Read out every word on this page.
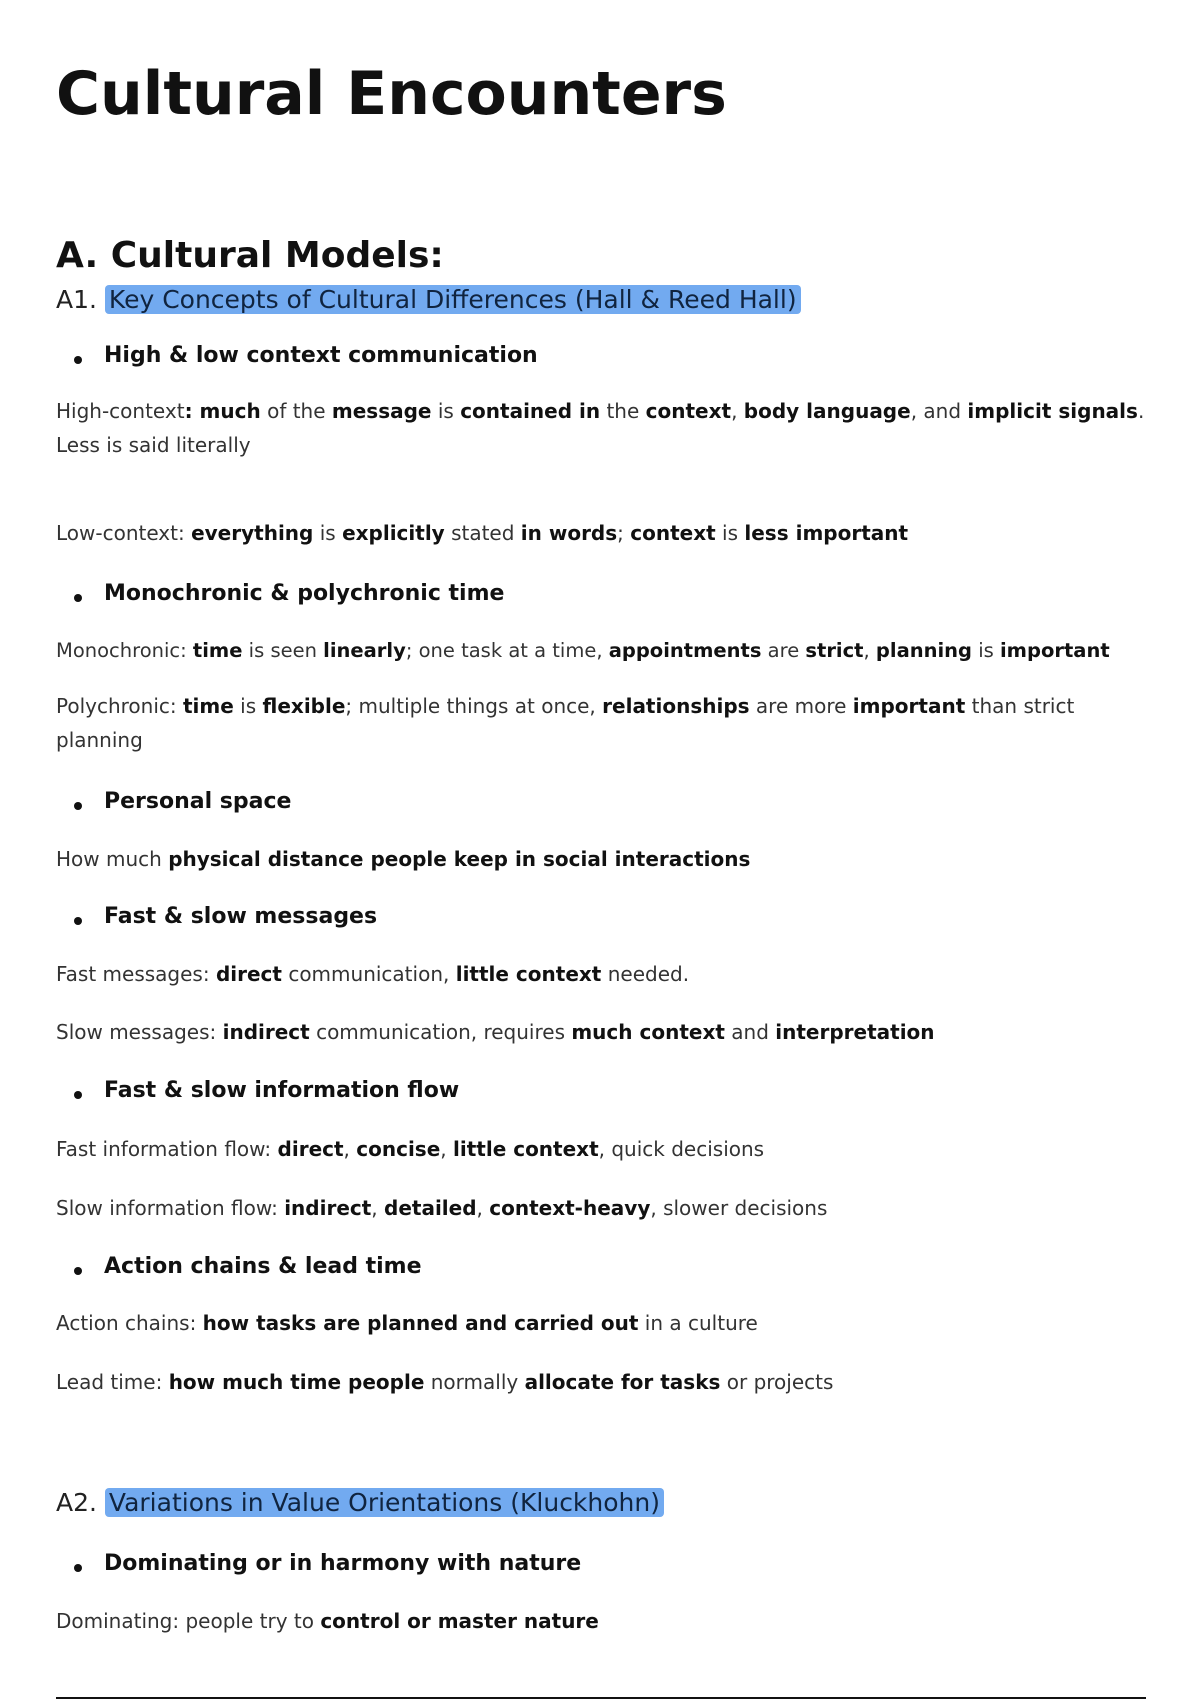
Cultural Encounters
A. Cultural Models:
A1. Key Concepts of Cultural Differences (Hall & Reed Hall)
High & low context communication

High-context: much of the message is contained in the context, body language, and implicit signals. Less is said literally

Low-context: everything is explicitly stated in words; context is less important

Monochronic & polychronic time

Monochronic: time is seen linearly; one task at a time, appointments are strict, planning is important

Polychronic: time is flexible; multiple things at once, relationships are more important than strict planning

Personal space

How much physical distance people keep in social interactions

Fast & slow messages

Fast messages: direct communication, little context needed.

Slow messages: indirect communication, requires much context and interpretation

Fast & slow information flow

Fast information flow: direct, concise, little context, quick decisions

Slow information flow: indirect, detailed, context-heavy, slower decisions

Action chains & lead time

Action chains: how tasks are planned and carried out in a culture

Lead time: how much time people normally allocate for tasks or projects

A2. Variations in Value Orientations (Kluckhohn)
Dominating or in harmony with nature

Dominating: people try to control or master nature
